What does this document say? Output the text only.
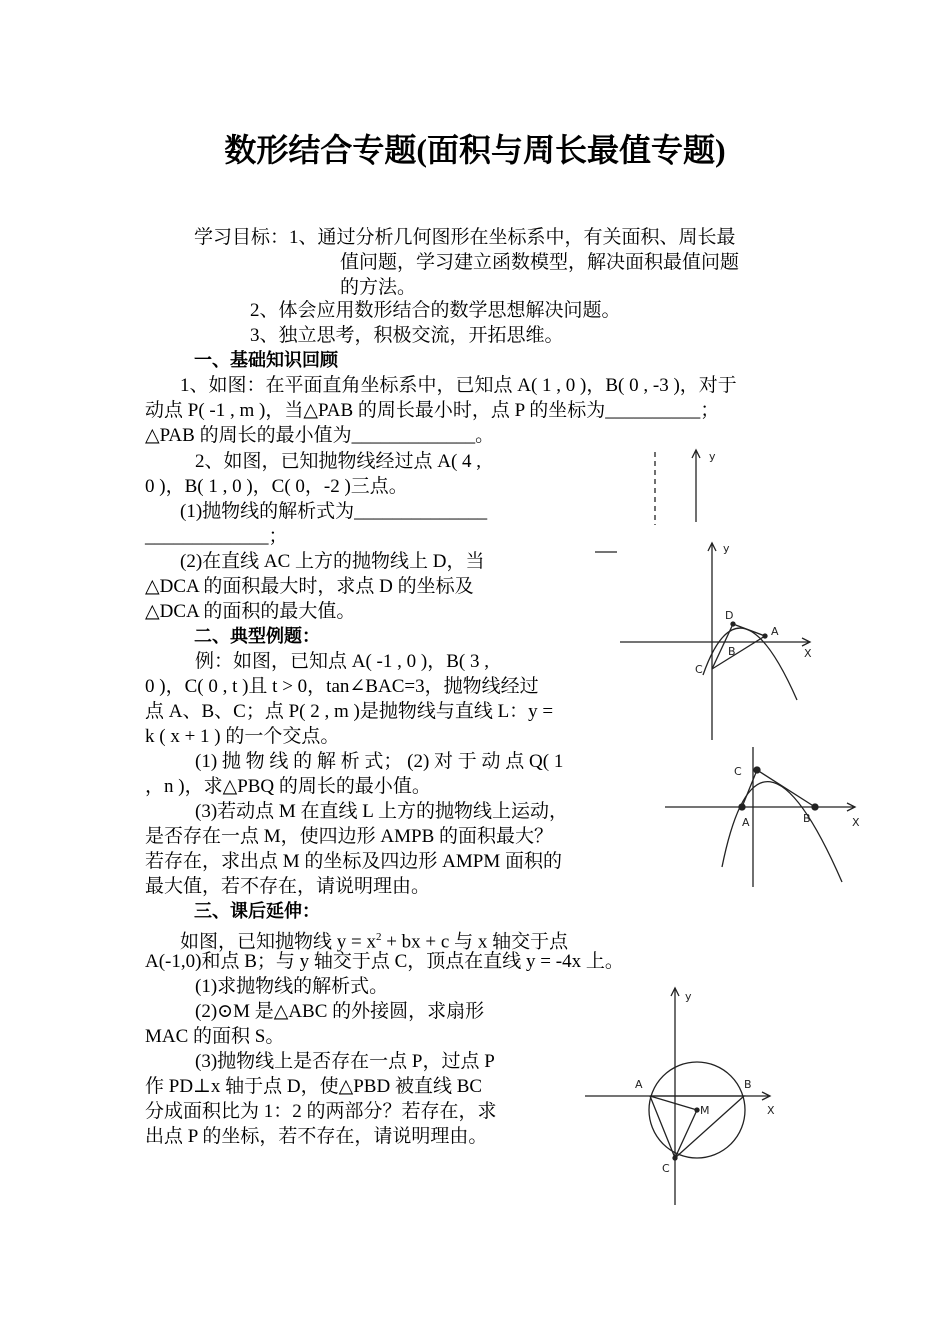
数形结合专题(面积与周长最值专题)
学习目标：1、通过分析几何图形在坐标系中，有关面积、周长最
值问题，学习建立函数模型，解决面积最值问题
的方法。
2、体会应用数形结合的数学思想解决问题。
3、独立思考，积极交流，开拓思维。
一、基础知识回顾
1、如图：在平面直角坐标系中，已知点 A( 1 , 0 )，B( 0 , -3 )，对于
动点 P( -1 , m )，当△PAB 的周长最小时，点 P 的坐标为__________；
△PAB 的周长的最小值为_____________。
2、如图，已知抛物线经过点 A( 4 ,
0 )，B( 1 , 0 )，C( 0，-2 )三点。
(1)抛物线的解析式为______________
_____________；
(2)在直线 AC 上方的抛物线上 D，当
△DCA 的面积最大时，求点 D 的坐标及
△DCA 的面积的最大值。
二、典型例题：
例：如图，已知点 A( -1 , 0 )，B( 3 ,
0 )，C( 0 , t )且 t > 0，tan∠BAC=3，抛物线经过
点 A、B、C；点 P( 2 , m )是抛物线与直线 L：y =
k ( x + 1 ) 的一个交点。
(1) 抛 物 线 的 解 析 式； (2) 对 于 动 点 Q( 1
，n )，求△PBQ 的周长的最小值。
(3)若动点 M 在直线 L 上方的抛物线上运动，
是否存在一点 M，使四边形 AMPB 的面积最大？
若存在，求出点 M 的坐标及四边形 AMPM 面积的
最大值，若不存在，请说明理由。
三、课后延伸：
如图，已知抛物线 $y = x^2$ + bx + c 与 x 轴交于点
A(-1,0)和点 B；与 y 轴交于点 C，顶点在直线 y = -4x 上。
(1)求抛物线的解析式。
(2)⊙M 是△ABC 的外接圆，求扇形
MAC 的面积 S。
(3)抛物线上是否存在一点 P，过点 P
作 PD⊥x 轴于点 D，使△PBD 被直线 BC
分成面积比为 1：2 的两部分？若存在，求
出点 P 的坐标，若不存在，请说明理由。
y
y
X
D
A
B
C
C
A	B	X
y
X
A	B
M
C
